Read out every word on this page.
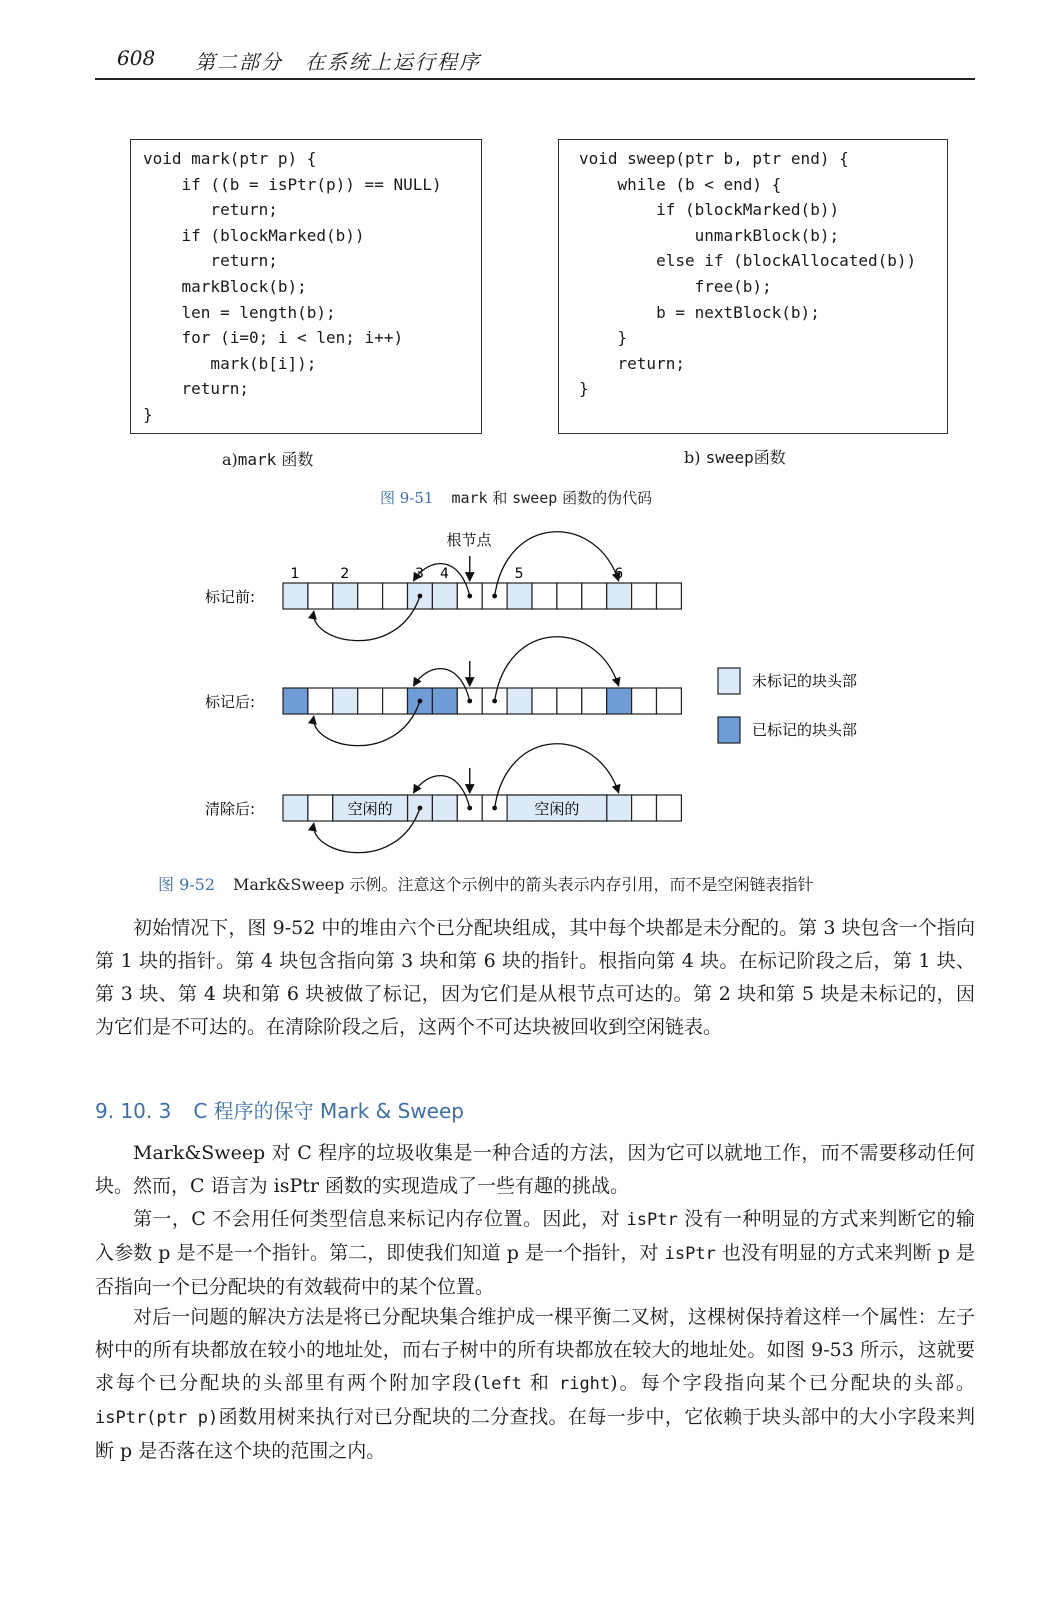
608 第二部分　在系统上运行程序
void mark(ptr p) {
if ((b = isPtr(p)) == NULL)
return;
if (blockMarked(b))
return;
markBlock(b);
len = length(b);
for (i=0; i < len; i++)
mark(b[i]);
return;
}
void sweep(ptr b, ptr end) {
while (b < end) {
if (blockMarked(b))
unmarkBlock(b);
else if (blockAllocated(b))
free(b);
b = nextBlock(b);
}
return;
}
a)mark 函数	b) sweep函数
图 9-51 mark 和 sweep 函数的伪代码
根节点
1	2	3 4	5	6
标记前:
标记后:
清除后:	空闲的	空闲的
未标记的块头部
已标记的块头部
图 9-52 Mark&Sweep 示例。注意这个示例中的箭头表示内存引用，而不是空闲链表指针

初始情况下，图 9-52 中的堆由六个已分配块组成，其中每个块都是未分配的。第 3 块包含一个指向第 1 块的指针。第 4 块包含指向第 3 块和第 6 块的指针。根指向第 4 块。在标记阶段之后，第 1 块、第 3 块、第 4 块和第 6 块被做了标记，因为它们是从根节点可达的。第 2 块和第 5 块是未标记的，因为它们是不可达的。在清除阶段之后，这两个不可达块被回收到空闲链表。

9. 10. 3 C 程序的保守 Mark & Sweep

Mark&Sweep 对 C 程序的垃圾收集是一种合适的方法，因为它可以就地工作，而不需要移动任何块。然而，C 语言为 isPtr 函数的实现造成了一些有趣的挑战。

第一，C 不会用任何类型信息来标记内存位置。因此，对 isPtr 没有一种明显的方式来判断它的输入参数 p 是不是一个指针。第二，即使我们知道 p 是一个指针，对 isPtr 也没有明显的方式来判断 p 是否指向一个已分配块的有效载荷中的某个位置。

对后一问题的解决方法是将已分配块集合维护成一棵平衡二叉树，这棵树保持着这样一个属性：左子树中的所有块都放在较小的地址处，而右子树中的所有块都放在较大的地址处。如图 9-53 所示，这就要求每个已分配块的头部里有两个附加字段(left 和 right)。每个字段指向某个已分配块的头部。isPtr(ptr p)函数用树来执行对已分配块的二分查找。在每一步中，它依赖于块头部中的大小字段来判断 p 是否落在这个块的范围之内。
